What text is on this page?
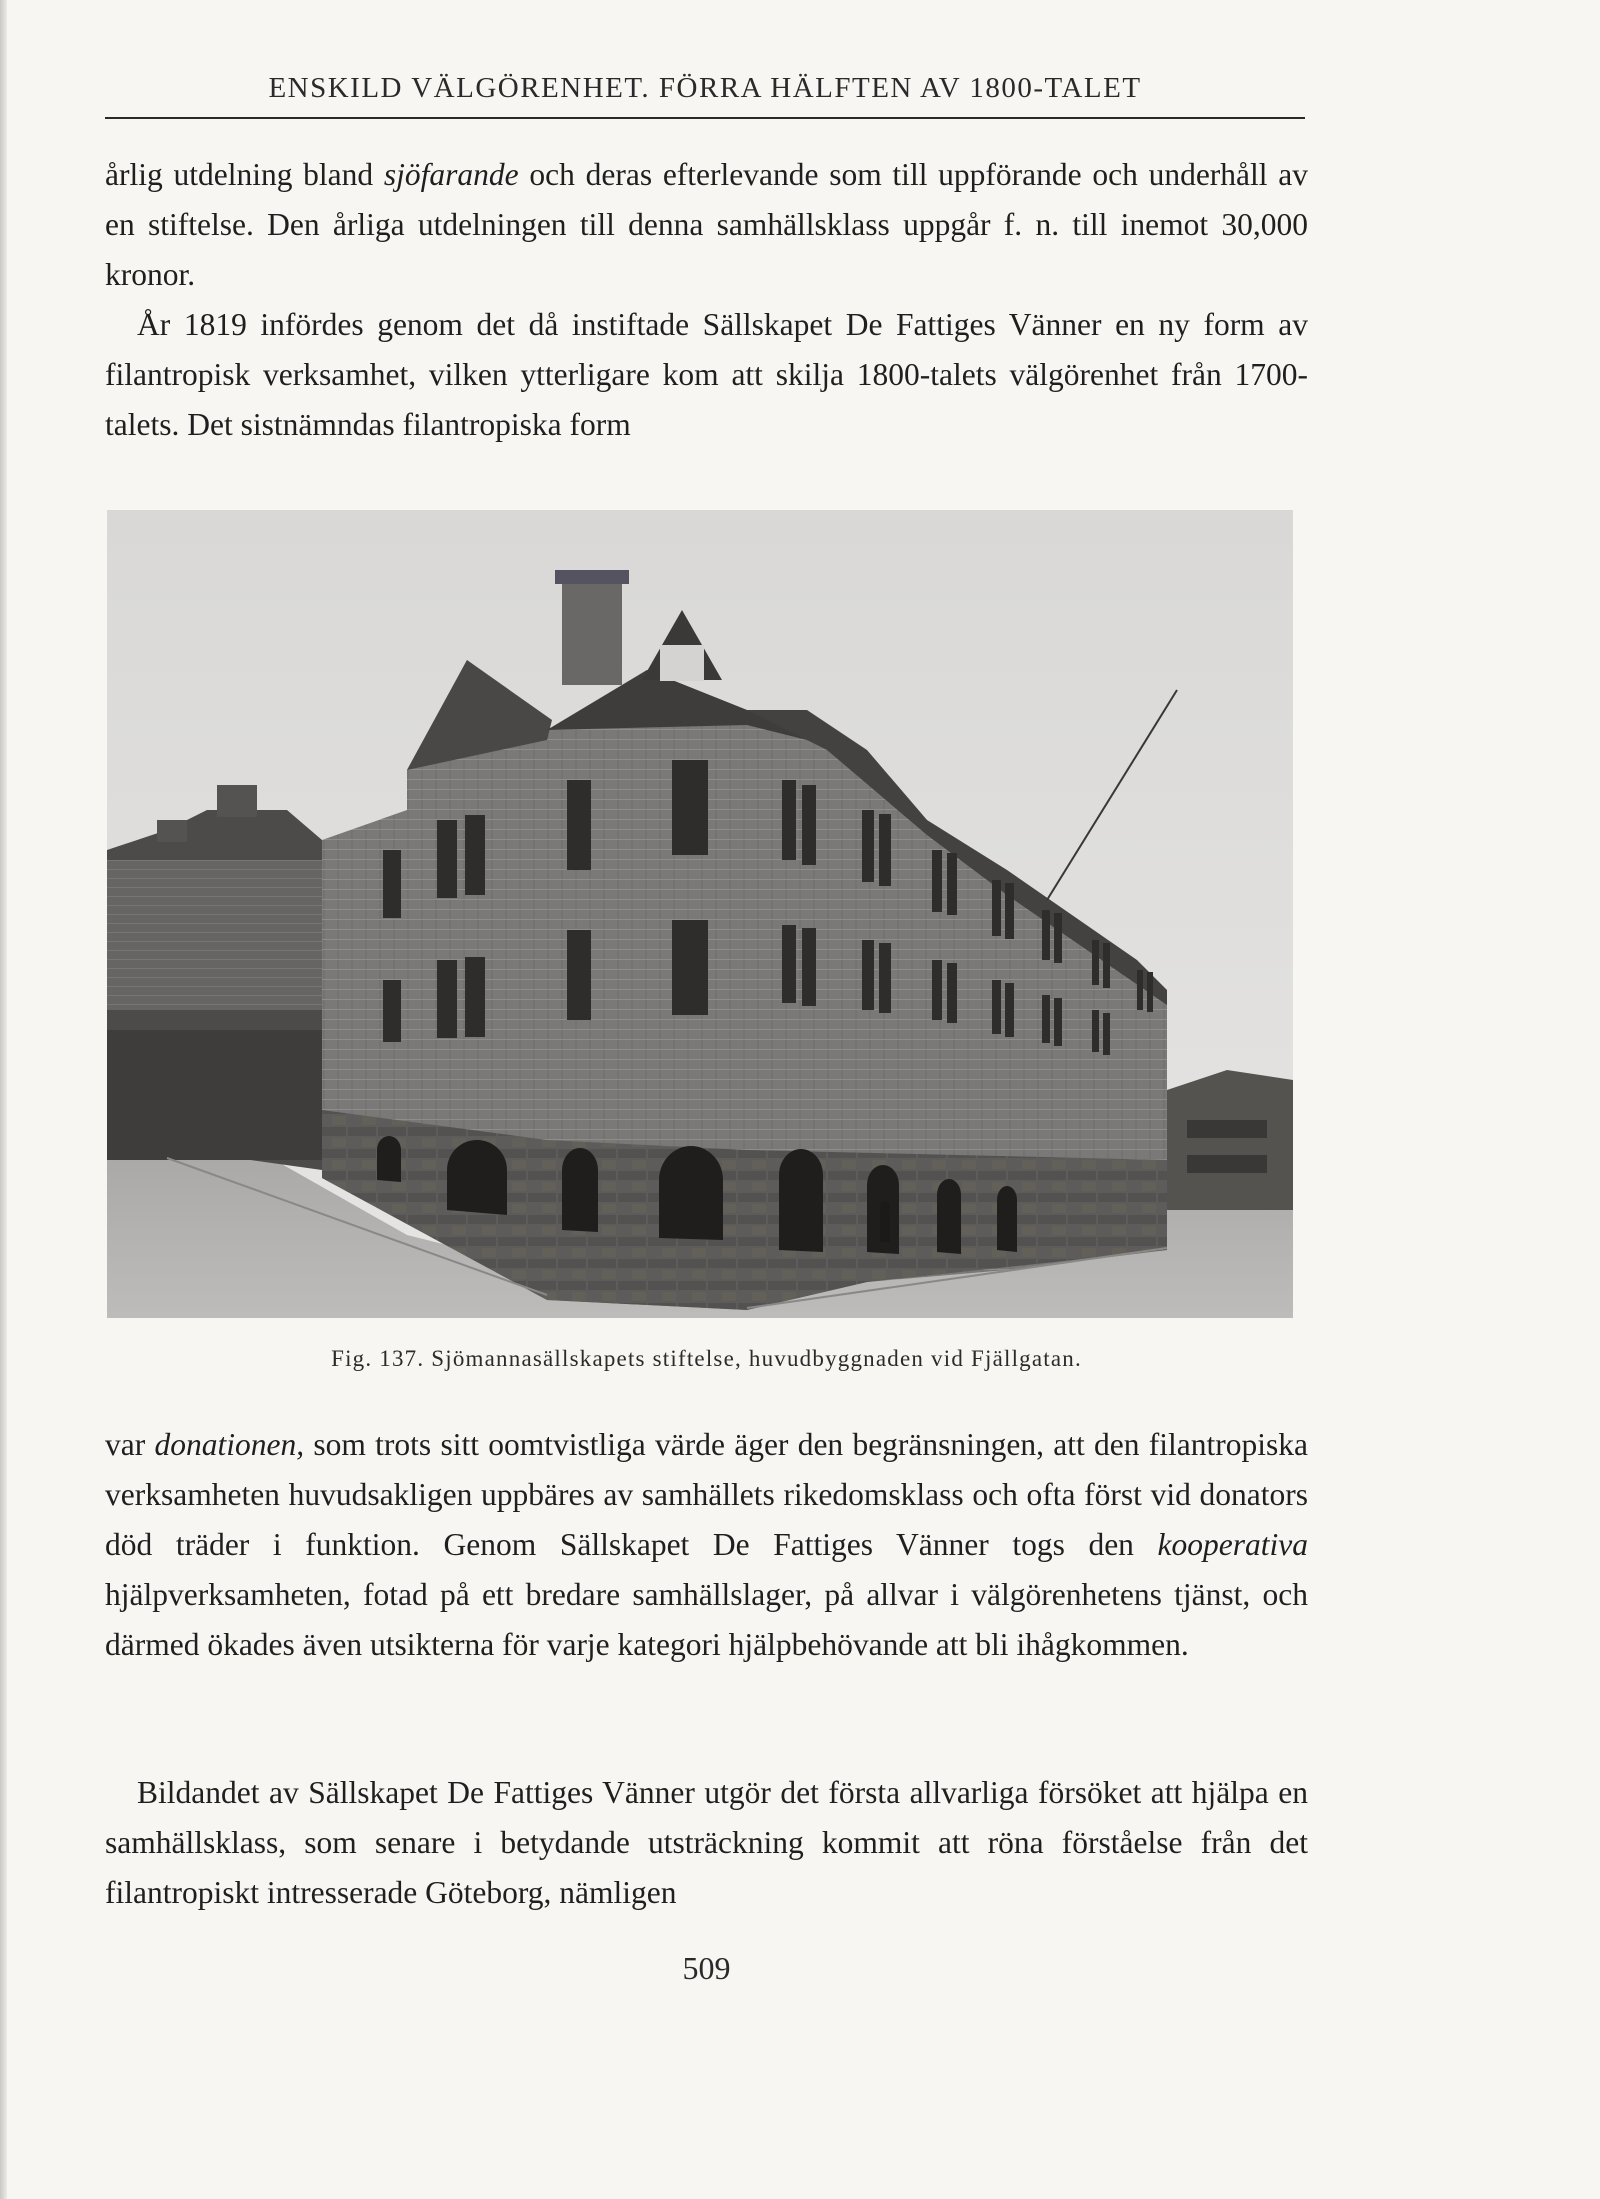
ENSKILD VÄLGÖRENHET. FÖRRA HÄLFTEN AV 1800-TALET

årlig utdelning bland sjöfarande och deras efterlevande som till uppförande och underhåll av en stiftelse. Den årliga utdelningen till denna samhällsklass uppgår f. n. till inemot 30,000 kronor.

År 1819 infördes genom det då instiftade Sällskapet De Fattiges Vänner en ny form av filantropisk verksamhet, vilken ytterligare kom att skilja 1800-talets välgörenhet från 1700-talets. Det sistnämndas filantropiska form

Fig. 137. Sjömannasällskapets stiftelse, huvudbyggnaden vid Fjällgatan.

var donationen, som trots sitt oomtvistliga värde äger den begränsningen, att den filantropiska verksamheten huvudsakligen uppbäres av samhällets rikedomsklass och ofta först vid donators död träder i funktion. Genom Sällskapet De Fattiges Vänner togs den kooperativa hjälpverksamheten, fotad på ett bredare samhällslager, på allvar i välgörenhetens tjänst, och därmed ökades även utsikterna för varje kategori hjälpbehövande att bli ihågkommen.

Bildandet av Sällskapet De Fattiges Vänner utgör det första allvarliga försöket att hjälpa en samhällsklass, som senare i betydande utsträckning kommit att röna förståelse från det filantropiskt intresserade Göteborg, nämligen

509
